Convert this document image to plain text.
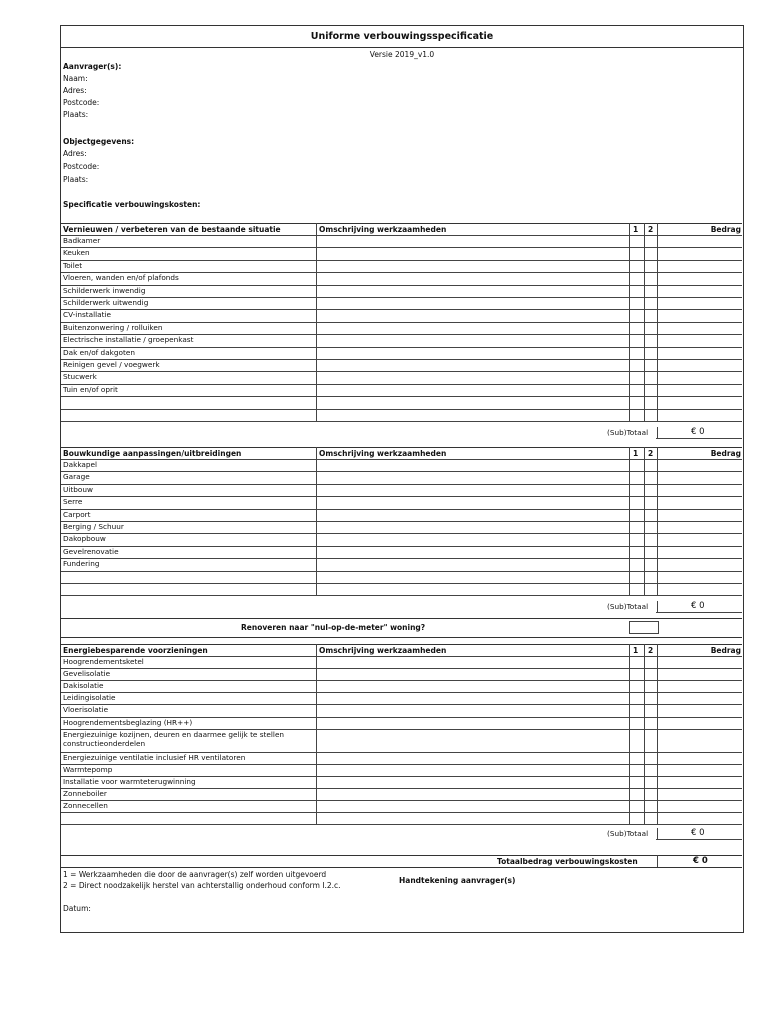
Uniforme verbouwingsspecificatie
Versie 2019_v1.0
Aanvrager(s):
Naam:
Adres:
Postcode:
Plaats:
Objectgegevens:
Adres:
Postcode:
Plaats:
Specificatie verbouwingskosten:
Vernieuwen / verbeteren van de bestaande situatie	Omschrijving werkzaamheden	1 2	Bedrag
Badkamer
Keuken
Toilet
Vloeren, wanden en/of plafonds
Schilderwerk inwendig
Schilderwerk uitwendig
CV-installatie
Buitenzonwering / rolluiken
Electrische installatie / groepenkast
Dak en/of dakgoten
Reinigen gevel / voegwerk
Stucwerk
Tuin en/of oprit
(Sub)Totaal	€ 0
Bouwkundige aanpassingen/uitbreidingen	Omschrijving werkzaamheden	1 2	Bedrag
Dakkapel
Garage
Uitbouw
Serre
Carport
Berging / Schuur
Dakopbouw
Gevelrenovatie
Fundering
(Sub)Totaal	€ 0
Renoveren naar "nul-op-de-meter" woning?
Energiebesparende voorzieningen	Omschrijving werkzaamheden	1 2	Bedrag
Hoogrendementsketel
Gevelisolatie
Dakisolatie
Leidingisolatie
Vloerisolatie
Hoogrendementsbeglazing (HR++)
Energiezuinige kozijnen, deuren en daarmee gelijk te stellen constructieonderdelen
Energiezuinige ventilatie inclusief HR ventilatoren
Warmtepomp
Installatie voor warmteterugwinning
Zonneboiler
Zonnecellen
(Sub)Totaal	€ 0
Totaalbedrag verbouwingskosten	€ 0
1 = Werkzaamheden die door de aanvrager(s) zelf worden uitgevoerd
2 = Direct noodzakelijk herstel van achterstallig onderhoud conform I.2.c.
Handtekening aanvrager(s)
Datum:
